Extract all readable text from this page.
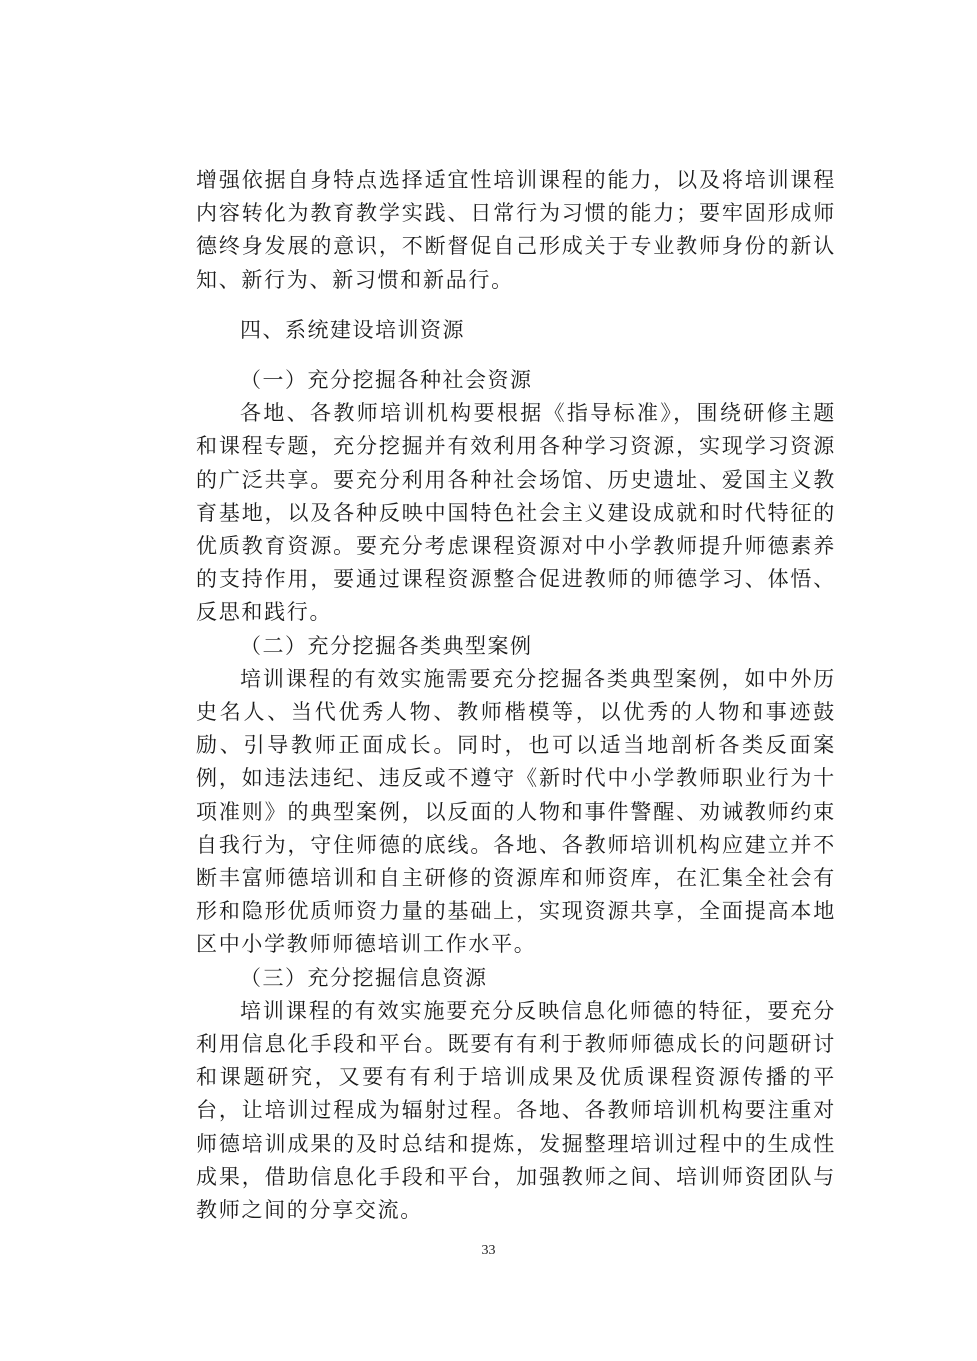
增强依据自身特点选择适宜性培训课程的能力，以及将培训课程内容转化为教育教学实践、日常行为习惯的能力；要牢固形成师德终身发展的意识，不断督促自己形成关于专业教师身份的新认知、新行为、新习惯和新品行。

四、系统建设培训资源
（一）充分挖掘各种社会资源

各地、各教师培训机构要根据《指导标准》，围绕研修主题和课程专题，充分挖掘并有效利用各种学习资源，实现学习资源的广泛共享。要充分利用各种社会场馆、历史遗址、爱国主义教育基地，以及各种反映中国特色社会主义建设成就和时代特征的优质教育资源。要充分考虑课程资源对中小学教师提升师德素养的支持作用，要通过课程资源整合促进教师的师德学习、体悟、反思和践行。

（二）充分挖掘各类典型案例

培训课程的有效实施需要充分挖掘各类典型案例，如中外历史名人、当代优秀人物、教师楷模等，以优秀的人物和事迹鼓励、引导教师正面成长。同时，也可以适当地剖析各类反面案例，如违法违纪、违反或不遵守《新时代中小学教师职业行为十项准则》的典型案例，以反面的人物和事件警醒、劝诫教师约束自我行为，守住师德的底线。各地、各教师培训机构应建立并不断丰富师德培训和自主研修的资源库和师资库，在汇集全社会有形和隐形优质师资力量的基础上，实现资源共享，全面提高本地区中小学教师师德培训工作水平。

（三）充分挖掘信息资源

培训课程的有效实施要充分反映信息化师德的特征，要充分利用信息化手段和平台。既要有有利于教师师德成长的问题研讨和课题研究，又要有有利于培训成果及优质课程资源传播的平台，让培训过程成为辐射过程。各地、各教师培训机构要注重对师德培训成果的及时总结和提炼，发掘整理培训过程中的生成性成果，借助信息化手段和平台，加强教师之间、培训师资团队与教师之间的分享交流。

33
